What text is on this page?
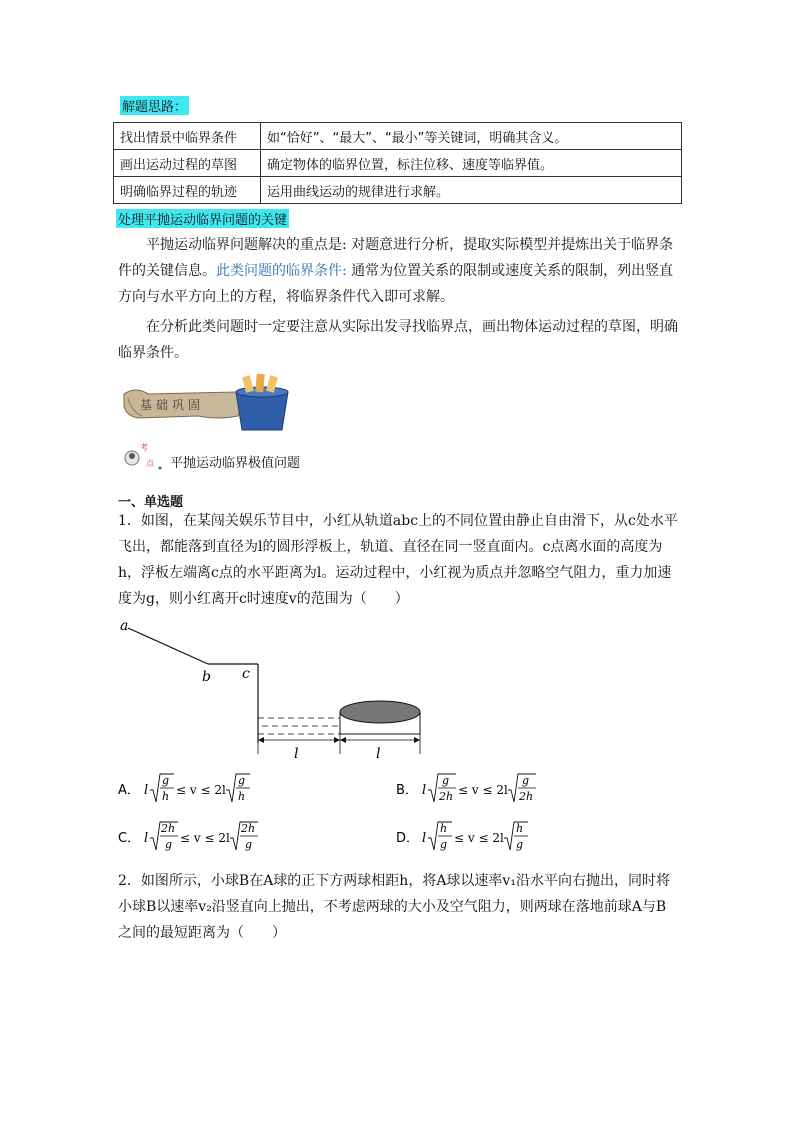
解题思路：
找出情景中临界条件	如“恰好”、“最大”、“最小”等关键词，明确其含义。
画出运动过程的草图	确定物体的临界位置，标注位移、速度等临界值。
明确临界过程的轨迹	运用曲线运动的规律进行求解。
处理平抛运动临界问题的关键
平抛运动临界问题解决的重点是: 对题意进行分析，提取实际模型并提炼出关于临界条件的关键信息。此类问题的临界条件: 通常为位置关系的限制或速度关系的限制，列出竖直方向与水平方向上的方程，将临界条件代入即可求解。
在分析此类问题时一定要注意从实际出发寻找临界点，画出物体运动过程的草图，明确临界条件。
基础巩固
考
点 平抛运动临界极值问题
一、单选题
1．如图，在某闯关娱乐节目中，小红从轨道abc上的不同位置由静止自由滑下，从c处水平飞出，都能落到直径为l的圆形浮板上，轨道、直径在同一竖直面内。c点离水面的高度为h，浮板左端离c点的水平距离为l。运动过程中，小红视为质点并忽略空气阻力，重力加速度为g，则小红离开c时速度v的范围为（　　）
a
b c
l	l
A． l
g
h ≤ v ≤ 2l
g
h	B． l
g
2h ≤ v ≤ 2l
g
2h
C． l
2h
g ≤ v ≤ 2l
2h
g	D． l
h
g ≤ v ≤ 2l
h
g
2．如图所示，小球B在A球的正下方两球相距h，将A球以速率v₁沿水平向右抛出，同时将小球B以速率v₂沿竖直向上抛出，不考虑两球的大小及空气阻力，则两球在落地前球A与B之间的最短距离为（　　）
